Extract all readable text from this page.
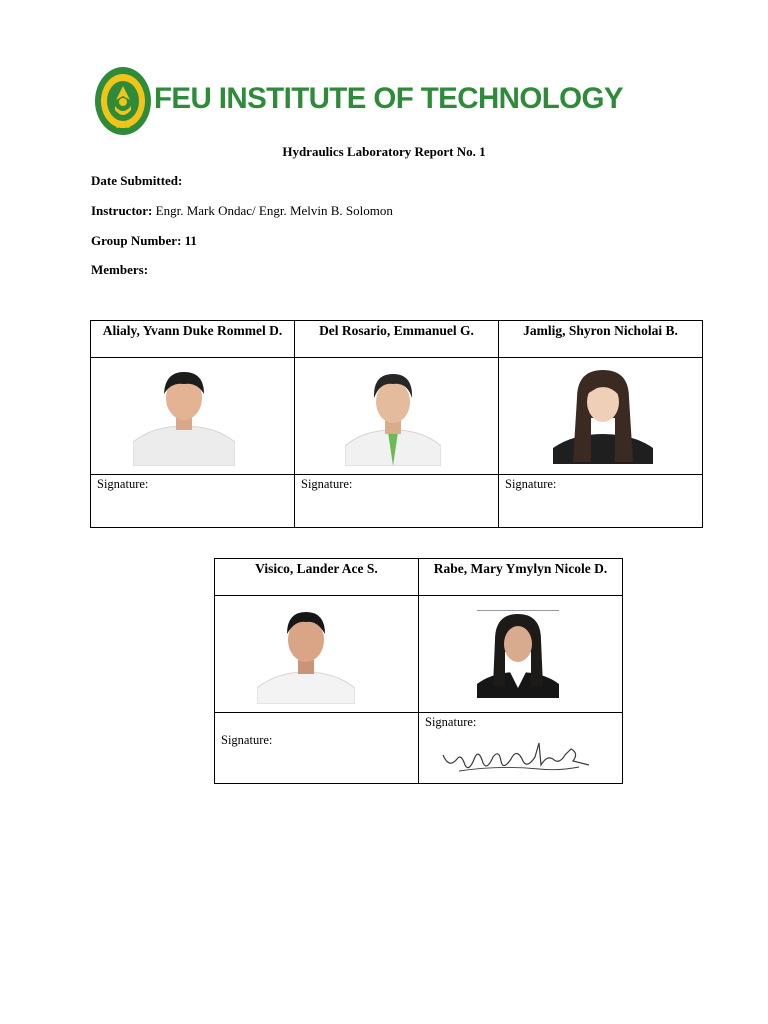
1992
FEU INSTITUTE OF TECHNOLOGY
Hydraulics Laboratory Report No. 1
Date Submitted:
Instructor: Engr. Mark Ondac/ Engr. Melvin B. Solomon
Group Number: 11
Members:
Alialy, Yvann Duke Rommel D.	Del Rosario, Emmanuel G.	Jamlig, Shyron Nicholai B.

Signature:	Signature:	Signature:
Visico, Lander Ace S.	Rabe, Mary Ymylyn Nicole D.

Signature:	Signature:
